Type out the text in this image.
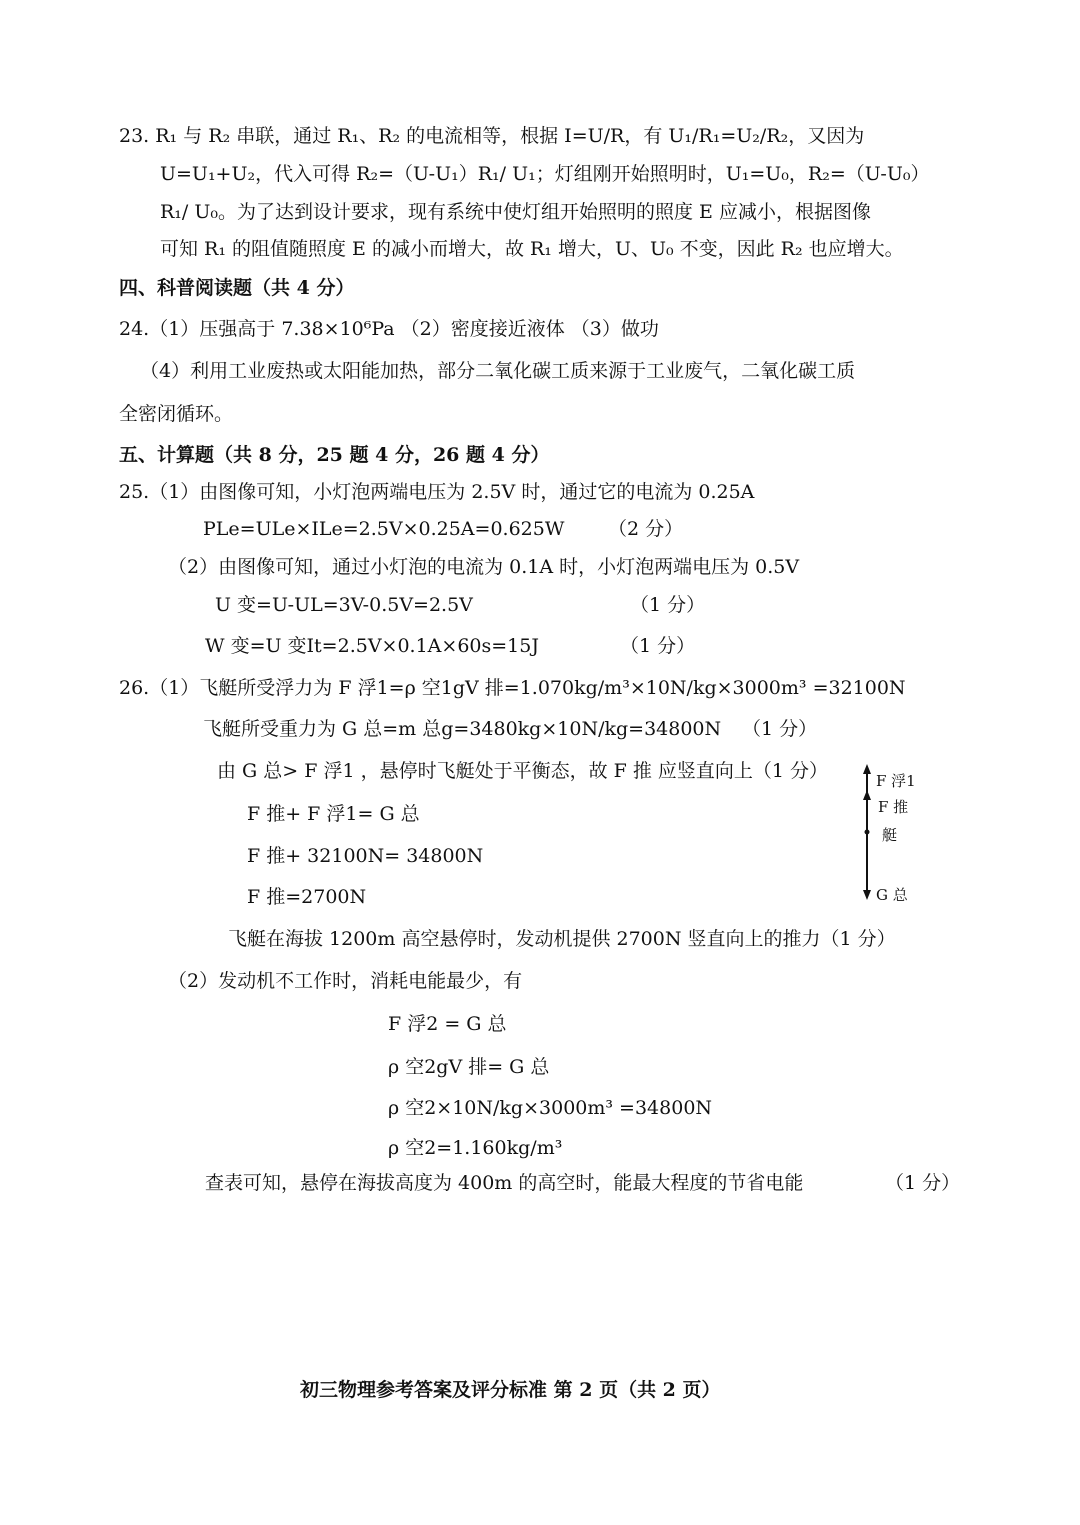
23. R₁ 与 R₂ 串联，通过 R₁、R₂ 的电流相等，根据 I=U/R，有 U₁/R₁=U₂/R₂，又因为
U=U₁+U₂，代入可得 R₂=（U-U₁）R₁/ U₁；灯组刚开始照明时，U₁=U₀，R₂=（U-U₀）
R₁/ U₀。为了达到设计要求，现有系统中使灯组开始照明的照度 E 应减小，根据图像
可知 R₁ 的阻值随照度 E 的减小而增大，故 R₁ 增大，U、U₀ 不变，因此 R₂ 也应增大。
四、科普阅读题（共 4 分）
24.（1）压强高于 7.38×10⁶Pa （2）密度接近液体 （3）做功
（4）利用工业废热或太阳能加热，部分二氧化碳工质来源于工业废气，二氧化碳工质
全密闭循环。
五、计算题（共 8 分，25 题 4 分，26 题 4 分）
25.（1）由图像可知，小灯泡两端电压为 2.5V 时，通过它的电流为 0.25A
PLe=ULe×ILe=2.5V×0.25A=0.625W （2 分）
（2）由图像可知，通过小灯泡的电流为 0.1A 时，小灯泡两端电压为 0.5V
U 变=U-UL=3V-0.5V=2.5V	（1 分）
W 变=U 变It=2.5V×0.1A×60s=15J	（1 分）
26.（1）飞艇所受浮力为 F 浮1=ρ 空1gV 排=1.070kg/m³×10N/kg×3000m³ =32100N
飞艇所受重力为 G 总=m 总g=3480kg×10N/kg=34800N （1 分）
由 G 总> F 浮1 ，悬停时飞艇处于平衡态，故 F 推 应竖直向上（1 分）
F 推+ F 浮1= G 总
F 推+ 32100N= 34800N
F 推=2700N
飞艇在海拔 1200m 高空悬停时，发动机提供 2700N 竖直向上的推力（1 分）
（2）发动机不工作时，消耗电能最少，有
F 浮2 = G 总
ρ 空2gV 排= G 总
ρ 空2×10N/kg×3000m³ =34800N
ρ 空2=1.160kg/m³
查表可知，悬停在海拔高度为 400m 的高空时，能最大程度的节省电能	（1 分）
F 浮1
F 推
艇
G 总
初三物理参考答案及评分标准 第 2 页（共 2 页）
